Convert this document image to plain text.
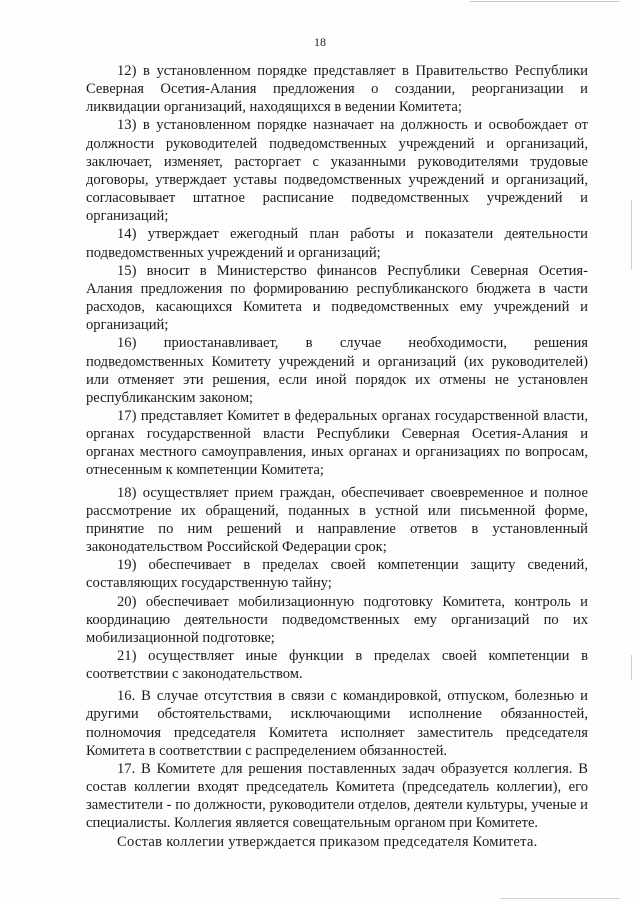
18

12) в установленном порядке представляет в Правительство Республики Северная Осетия-Алания предложения о создании, реорганизации и ликвидации организаций, находящихся в ведении Комитета;

13) в установленном порядке назначает на должность и освобождает от должности руководителей подведомственных учреждений и организаций, заключает, изменяет, расторгает с указанными руководителями трудовые договоры, утверждает уставы подведомственных учреждений и организаций, согласовывает штатное расписание подведомственных учреждений и организаций;

14) утверждает ежегодный план работы и показатели деятельности подведомственных учреждений и организаций;

15) вносит в Министерство финансов Республики Северная Осетия-Алания предложения по формированию республиканского бюджета в части расходов, касающихся Комитета и подведомственных ему учреждений и организаций;

16) приостанавливает, в случае необходимости, решения подведомственных Комитету учреждений и организаций (их руководителей) или отменяет эти решения, если иной порядок их отмены не установлен республиканским законом;

17) представляет Комитет в федеральных органах государственной власти, органах государственной власти Республики Северная Осетия-Алания и органах местного самоуправления, иных органах и организациях по вопросам, отнесенным к компетенции Комитета;

18) осуществляет прием граждан, обеспечивает своевременное и полное рассмотрение их обращений, поданных в устной или письменной форме, принятие по ним решений и направление ответов в установленный законодательством Российской Федерации срок;

19) обеспечивает в пределах своей компетенции защиту сведений, составляющих государственную тайну;

20) обеспечивает мобилизационную подготовку Комитета, контроль и координацию деятельности подведомственных ему организаций по их мобилизационной подготовке;

21) осуществляет иные функции в пределах своей компетенции в соответствии с законодательством.

16. В случае отсутствия в связи с командировкой, отпуском, болезнью и другими обстоятельствами, исключающими исполнение обязанностей, полномочия председателя Комитета исполняет заместитель председателя Комитета в соответствии с распределением обязанностей.

17. В Комитете для решения поставленных задач образуется коллегия. В состав коллегии входят председатель Комитета (председатель коллегии), его заместители - по должности, руководители отделов, деятели культуры, ученые и специалисты. Коллегия является совещательным органом при Комитете.

Состав коллегии утверждается приказом председателя Комитета.
